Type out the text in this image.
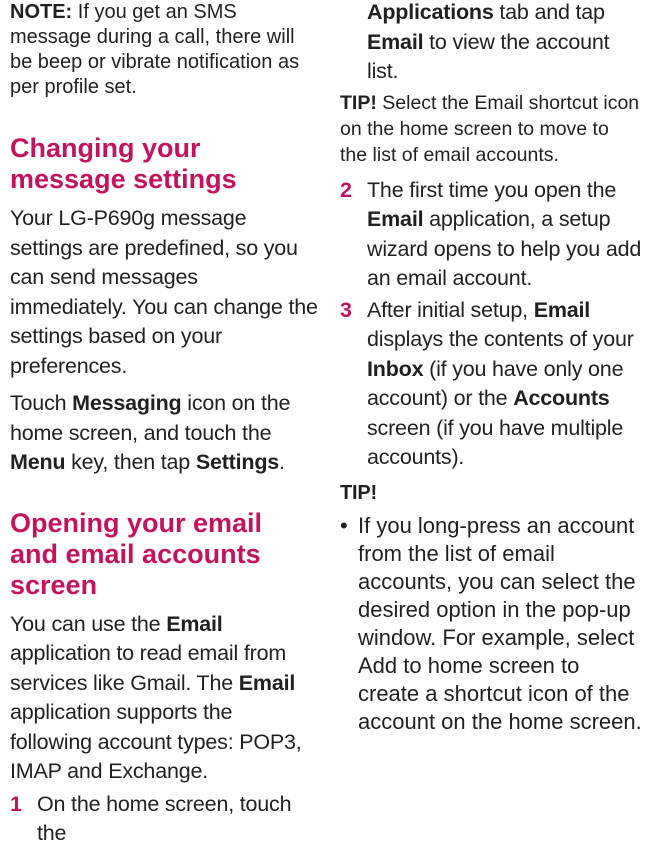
NOTE: If you get an SMS message during a call, there will be beep or vibrate notification as per profile set.

Changing your message settings

Your LG-P690g message settings are predefined, so you can send messages immediately. You can change the settings based on your preferences.

Touch Messaging icon on the home screen, and touch the Menu key, then tap Settings.

Opening your email and email accounts screen

You can use the Email application to read email from services like Gmail. The Email application supports the following account types: POP3, IMAP and Exchange.

1 On the home screen, touch the
Applications tab and tap Email to view the account list.

TIP! Select the Email shortcut icon on the home screen to move to the list of email accounts.

2 The first time you open the Email application, a setup wizard opens to help you add an email account.
3 After initial setup, Email displays the contents of your Inbox (if you have only one account) or the Accounts screen (if you have multiple accounts).

TIP!

• If you long-press an account from the list of email accounts, you can select the desired option in the pop-up window. For example, select Add to home screen to create a shortcut icon of the account on the home screen.
